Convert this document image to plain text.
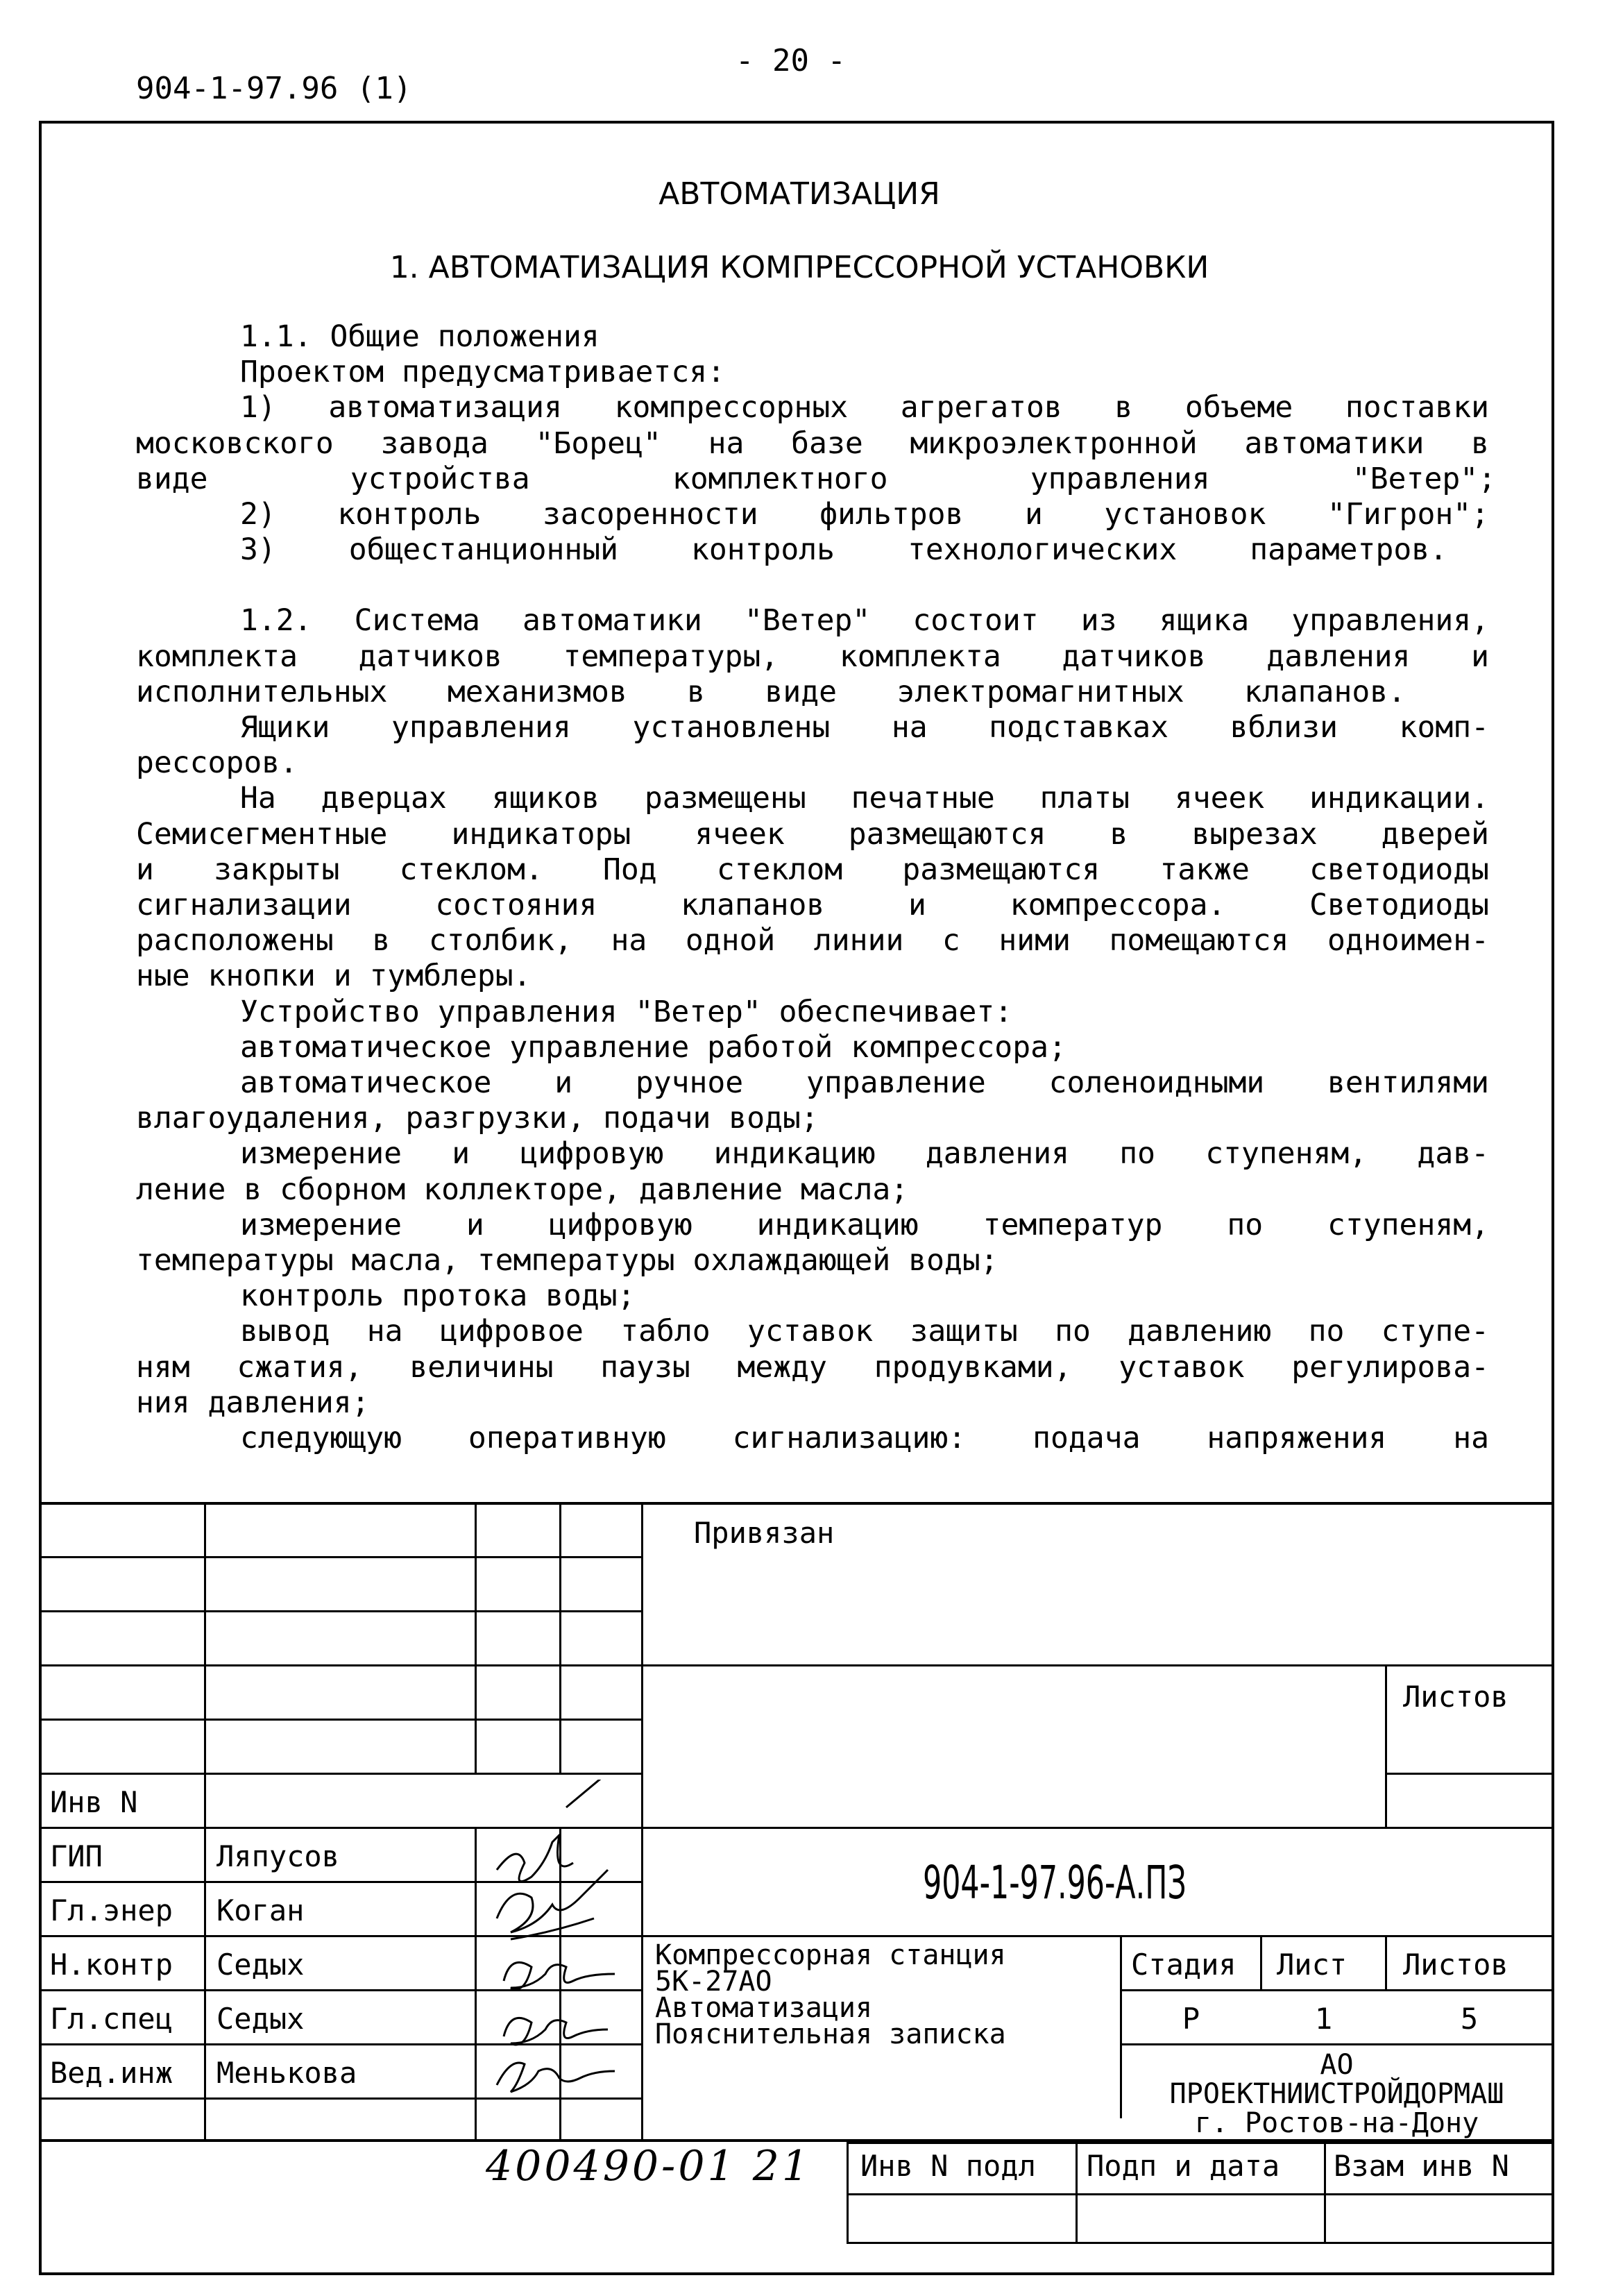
- 20 -
904-1-97.96 (1)
АВТОМАТИЗАЦИЯ
1. АВТОМАТИЗАЦИЯ КОМПРЕССОРНОЙ УСТАНОВКИ
1.1. Общие положения
Проектом предусматривается:
1) автоматизация компрессорных агрегатов в объеме поставки
московского завода "Борец" на базе микроэлектронной автоматики в
виде устройства комплектного управления "Ветер";
2) контроль засоренности фильтров и установок "Гигрон";
3) общестанционный контроль технологических параметров.
1.2. Система автоматики "Ветер" состоит из ящика управления,
комплекта датчиков температуры, комплекта датчиков давления и
исполнительных механизмов в виде электромагнитных клапанов.
Ящики управления установлены на подставках вблизи комп-
рессоров.
На дверцах ящиков размещены печатные платы ячеек индикации.
Семисегментные индикаторы ячеек размещаются в вырезах дверей
и закрыты стеклом. Под стеклом размещаются также светодиоды
сигнализации состояния клапанов и компрессора. Светодиоды
расположены в столбик, на одной линии с ними помещаются одноимен-
ные кнопки и тумблеры.
Устройство управления "Ветер" обеспечивает:
автоматическое управление работой компрессора;
автоматическое и ручное управление соленоидными вентилями
влагоудаления, разгрузки, подачи воды;
измерение и цифровую индикацию давления по ступеням, дав-
ление в сборном коллекторе, давление масла;
измерение и цифровую индикацию температур по ступеням,
температуры масла, температуры охлаждающей воды;
контроль протока воды;
вывод на цифровое табло уставок защиты по давлению по ступе-
ням сжатия, величины паузы между продувками, уставок регулирова-
ния давления;
следующую оперативную сигнализацию: подача напряжения на
Привязан
Листов
Инв N
ГИП	Ляпусов
Гл.энер Коган
Н.контр Седых
Гл.спец Седых
Вед.инж Менькова
904-1-97.96-А.ПЗ
Компрессорная станция
5К-27АО
Автоматизация
Пояснительная записка
Стадия Лист Листов
Р	1	5
АО
ПРОЕКТНИИСТРОЙДОРМАШ
г. Ростов-на-Дону
400490-01 21 Инв N подл Подп и дата Взам инв N
